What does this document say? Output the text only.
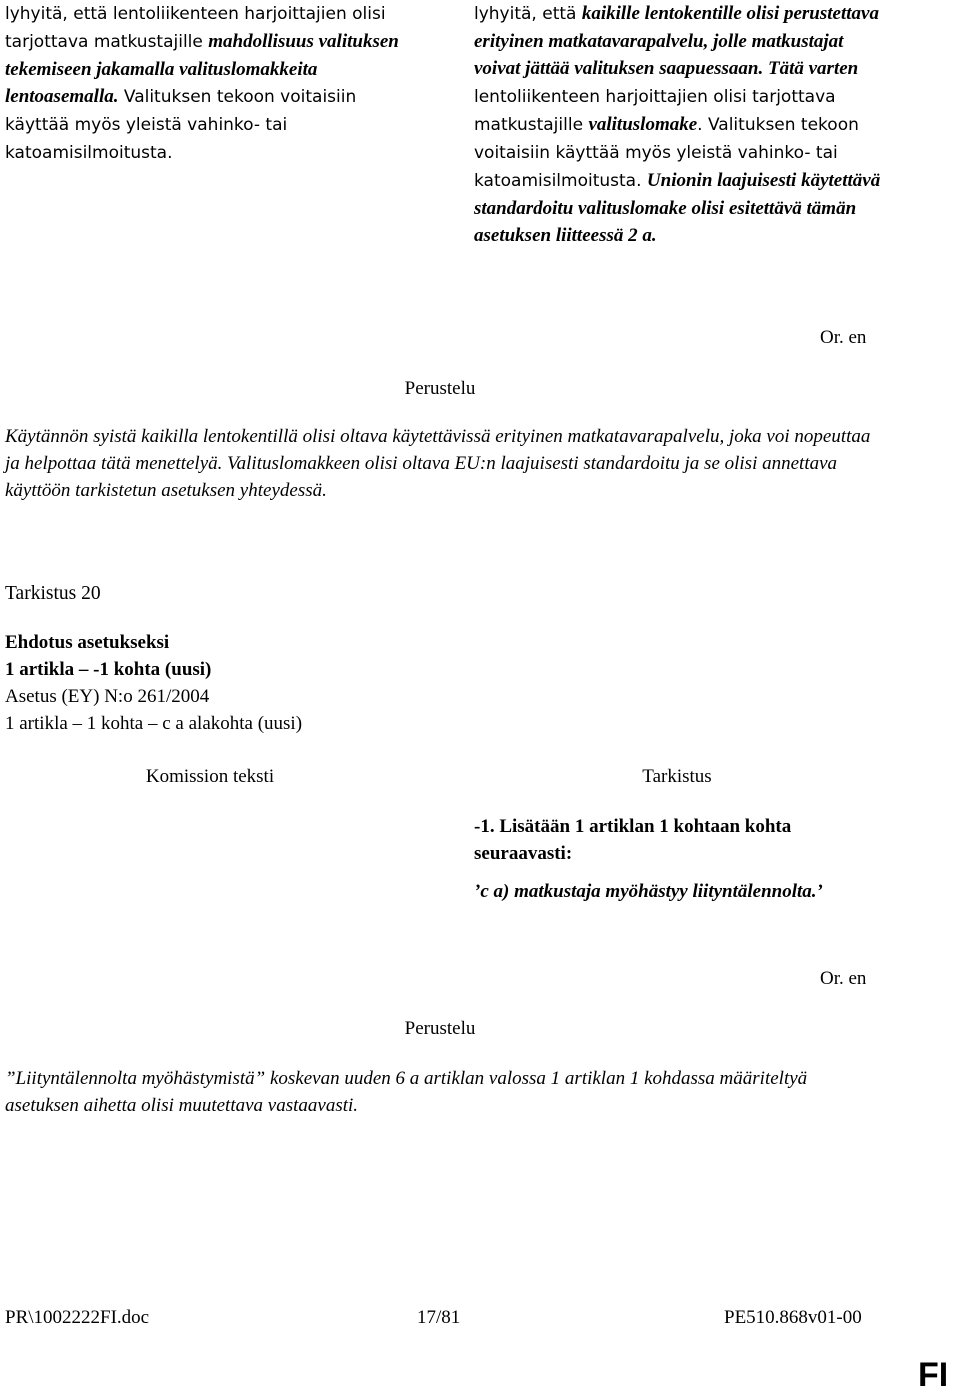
lyhyitä, että lentoliikenteen harjoittajien olisi tarjottava matkustajille mahdollisuus valituksen tekemiseen jakamalla valituslomakkeita lentoasemalla. Valituksen tekoon voitaisiin käyttää myös yleistä vahinko- tai katoamisilmoitusta.

lyhyitä, että kaikille lentokentille olisi perustettava erityinen matkatavarapalvelu, jolle matkustajat voivat jättää valituksen saapuessaan. Tätä varten lentoliikenteen harjoittajien olisi tarjottava matkustajille valituslomake. Valituksen tekoon voitaisiin käyttää myös yleistä vahinko- tai katoamisilmoitusta. Unionin laajuisesti käytettävä standardoitu valituslomake olisi esitettävä tämän asetuksen liitteessä 2 a.

Or. en
Perustelu
Käytännön syistä kaikilla lentokentillä olisi oltava käytettävissä erityinen matkatavarapalvelu, joka voi nopeuttaa ja helpottaa tätä menettelyä. Valituslomakkeen olisi oltava EU:n laajuisesti standardoitu ja se olisi annettava käyttöön tarkistetun asetuksen yhteydessä.
Tarkistus 20
Ehdotus asetukseksi
1 artikla – -1 kohta (uusi)
Asetus (EY) N:o 261/2004
1 artikla – 1 kohta – c a alakohta (uusi)
Komission teksti	Tarkistus
-1. Lisätään 1 artiklan 1 kohtaan kohta seuraavasti:
’c a) matkustaja myöhästyy liityntälennolta.’
Or. en
Perustelu
”Liityntälennolta myöhästymistä” koskevan uuden 6 a artiklan valossa 1 artiklan 1 kohdassa määriteltyä asetuksen aihetta olisi muutettava vastaavasti.
PR\1002222FI.doc	17/81	PE510.868v01-00
FI
